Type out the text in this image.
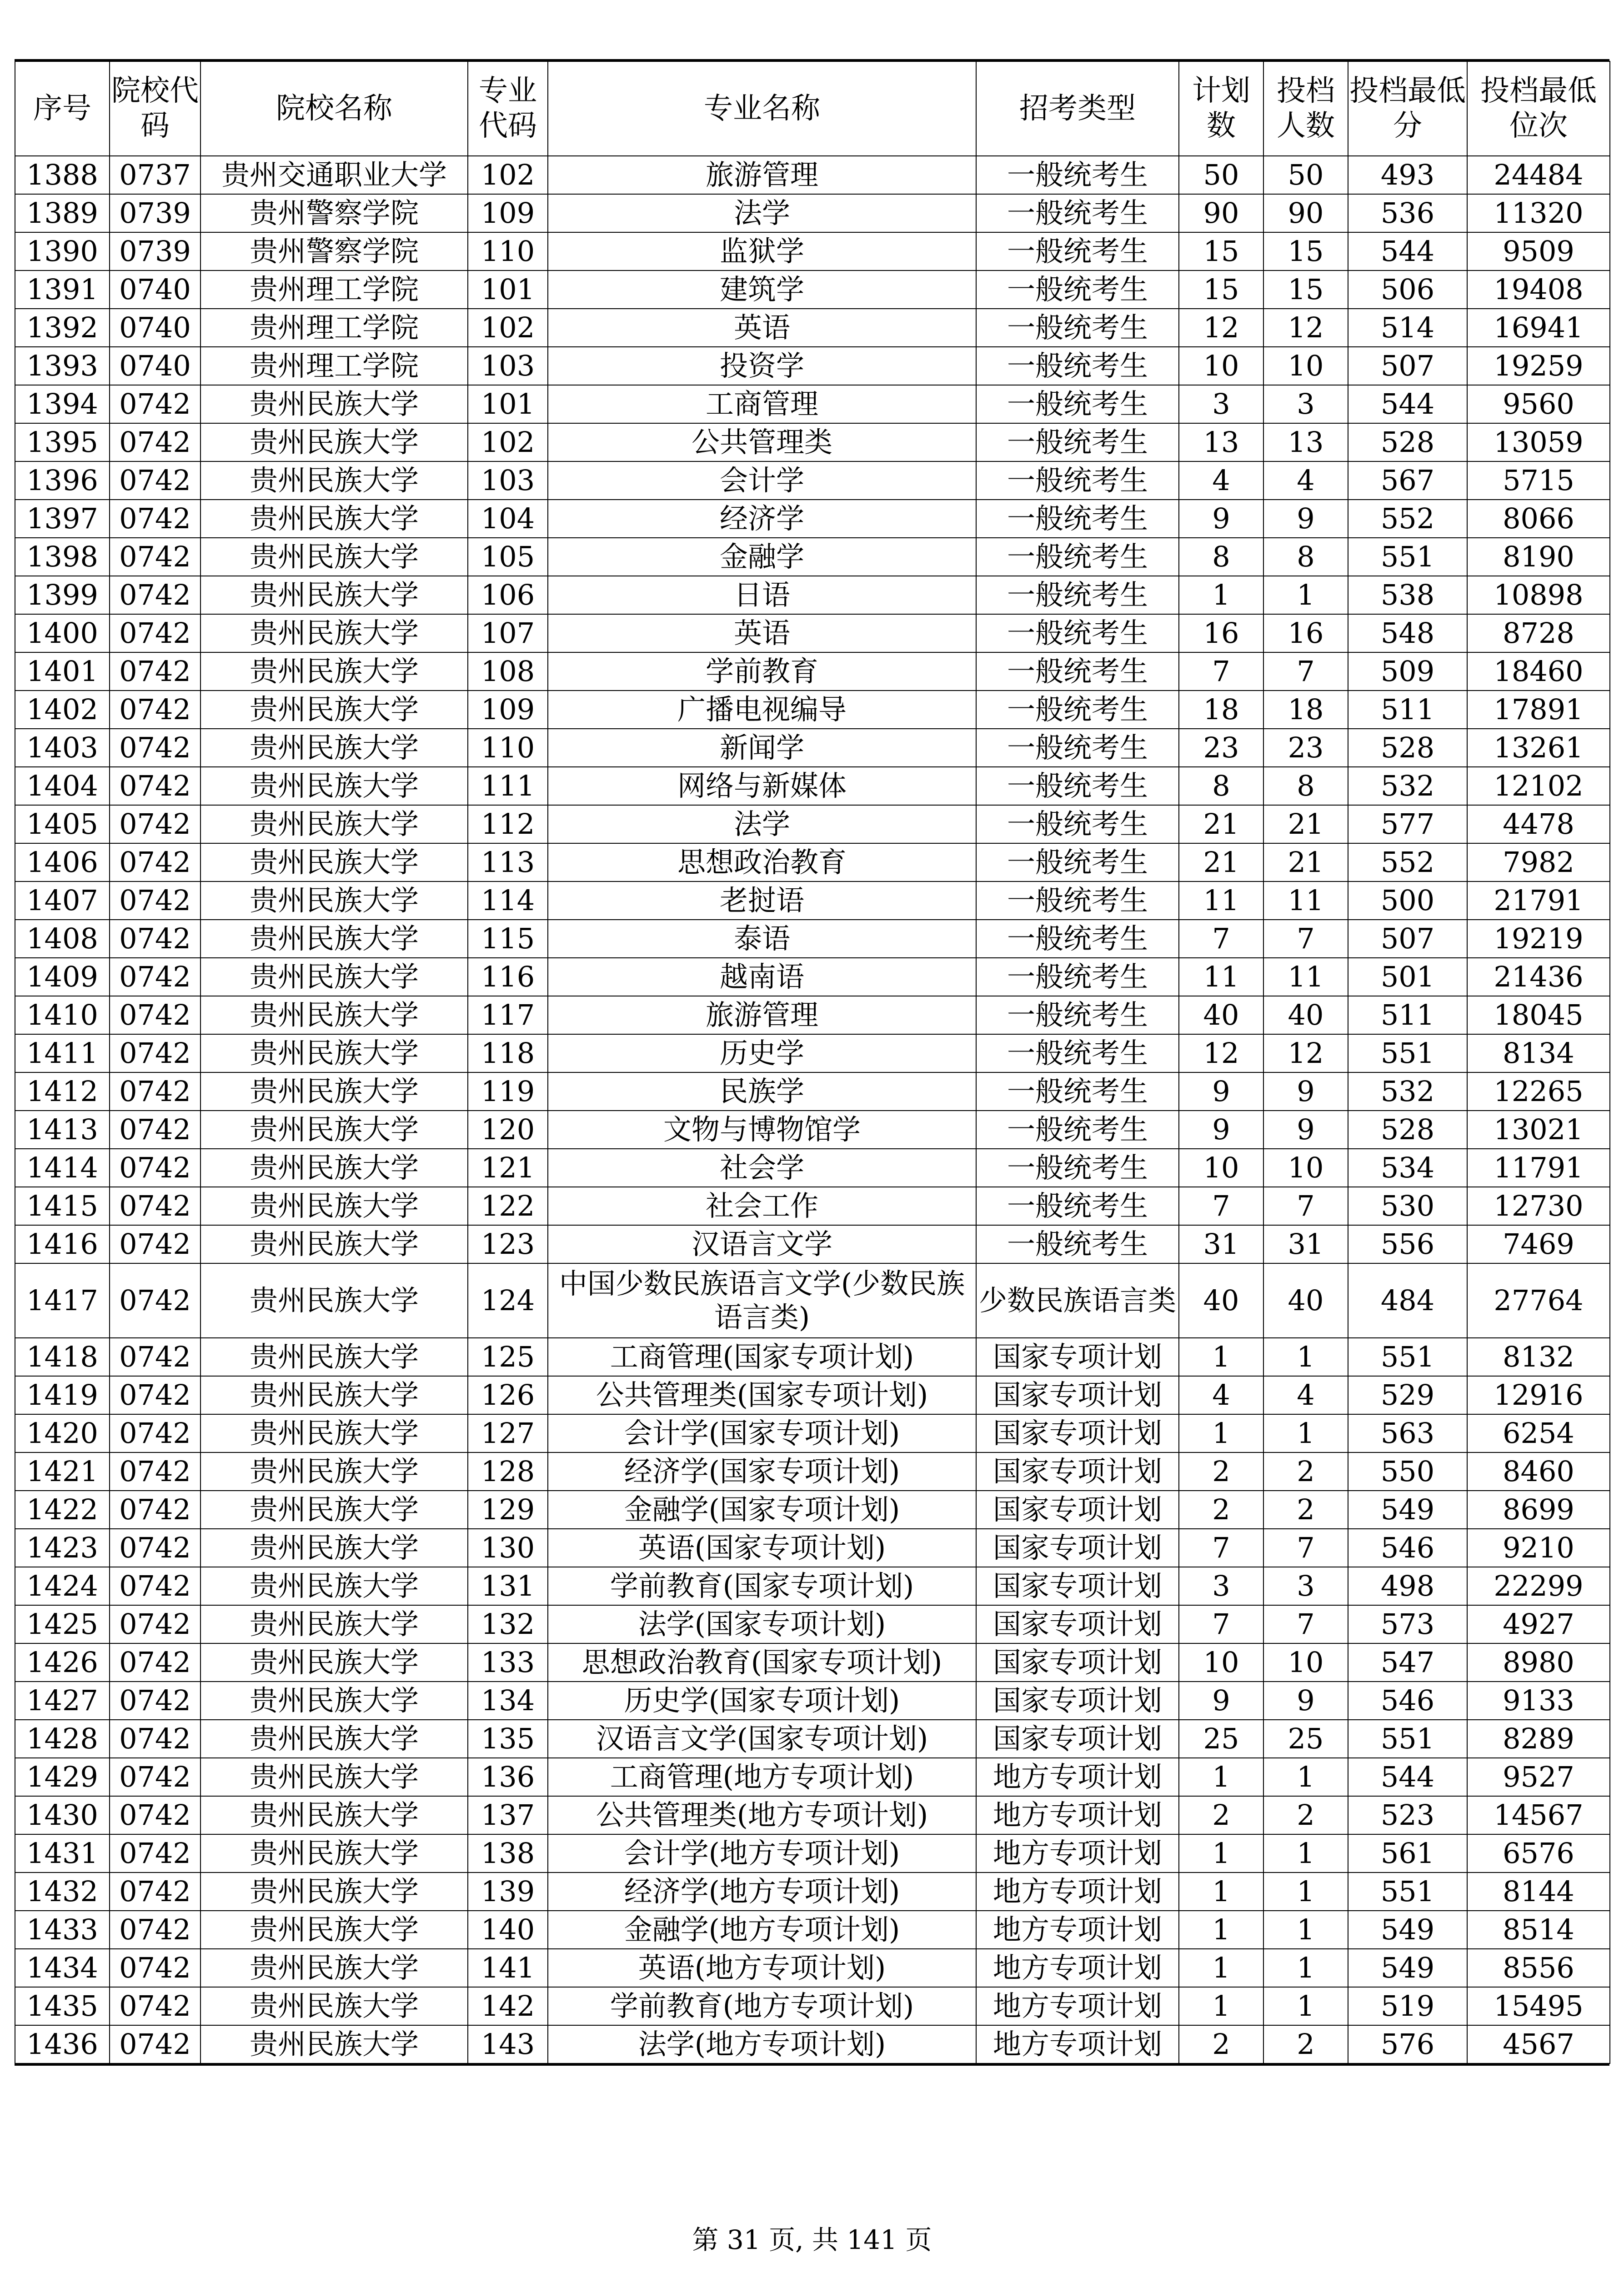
序号	院校代码	院校名称	专业代码	专业名称	招考类型	计划数	投档人数	投档最低分	投档最低位次
1388	0737	贵州交通职业大学	102	旅游管理	一般统考生	50	50	493	24484
1389	0739	贵州警察学院	109	法学	一般统考生	90	90	536	11320
1390	0739	贵州警察学院	110	监狱学	一般统考生	15	15	544	9509
1391	0740	贵州理工学院	101	建筑学	一般统考生	15	15	506	19408
1392	0740	贵州理工学院	102	英语	一般统考生	12	12	514	16941
1393	0740	贵州理工学院	103	投资学	一般统考生	10	10	507	19259
1394	0742	贵州民族大学	101	工商管理	一般统考生	3	3	544	9560
1395	0742	贵州民族大学	102	公共管理类	一般统考生	13	13	528	13059
1396	0742	贵州民族大学	103	会计学	一般统考生	4	4	567	5715
1397	0742	贵州民族大学	104	经济学	一般统考生	9	9	552	8066
1398	0742	贵州民族大学	105	金融学	一般统考生	8	8	551	8190
1399	0742	贵州民族大学	106	日语	一般统考生	1	1	538	10898
1400	0742	贵州民族大学	107	英语	一般统考生	16	16	548	8728
1401	0742	贵州民族大学	108	学前教育	一般统考生	7	7	509	18460
1402	0742	贵州民族大学	109	广播电视编导	一般统考生	18	18	511	17891
1403	0742	贵州民族大学	110	新闻学	一般统考生	23	23	528	13261
1404	0742	贵州民族大学	111	网络与新媒体	一般统考生	8	8	532	12102
1405	0742	贵州民族大学	112	法学	一般统考生	21	21	577	4478
1406	0742	贵州民族大学	113	思想政治教育	一般统考生	21	21	552	7982
1407	0742	贵州民族大学	114	老挝语	一般统考生	11	11	500	21791
1408	0742	贵州民族大学	115	泰语	一般统考生	7	7	507	19219
1409	0742	贵州民族大学	116	越南语	一般统考生	11	11	501	21436
1410	0742	贵州民族大学	117	旅游管理	一般统考生	40	40	511	18045
1411	0742	贵州民族大学	118	历史学	一般统考生	12	12	551	8134
1412	0742	贵州民族大学	119	民族学	一般统考生	9	9	532	12265
1413	0742	贵州民族大学	120	文物与博物馆学	一般统考生	9	9	528	13021
1414	0742	贵州民族大学	121	社会学	一般统考生	10	10	534	11791
1415	0742	贵州民族大学	122	社会工作	一般统考生	7	7	530	12730
1416	0742	贵州民族大学	123	汉语言文学	一般统考生	31	31	556	7469
1417	0742	贵州民族大学	124	中国少数民族语言文学(少数民族语言类)	少数民族语言类	40	40	484	27764
1418	0742	贵州民族大学	125	工商管理(国家专项计划)	国家专项计划	1	1	551	8132
1419	0742	贵州民族大学	126	公共管理类(国家专项计划)	国家专项计划	4	4	529	12916
1420	0742	贵州民族大学	127	会计学(国家专项计划)	国家专项计划	1	1	563	6254
1421	0742	贵州民族大学	128	经济学(国家专项计划)	国家专项计划	2	2	550	8460
1422	0742	贵州民族大学	129	金融学(国家专项计划)	国家专项计划	2	2	549	8699
1423	0742	贵州民族大学	130	英语(国家专项计划)	国家专项计划	7	7	546	9210
1424	0742	贵州民族大学	131	学前教育(国家专项计划)	国家专项计划	3	3	498	22299
1425	0742	贵州民族大学	132	法学(国家专项计划)	国家专项计划	7	7	573	4927
1426	0742	贵州民族大学	133	思想政治教育(国家专项计划)	国家专项计划	10	10	547	8980
1427	0742	贵州民族大学	134	历史学(国家专项计划)	国家专项计划	9	9	546	9133
1428	0742	贵州民族大学	135	汉语言文学(国家专项计划)	国家专项计划	25	25	551	8289
1429	0742	贵州民族大学	136	工商管理(地方专项计划)	地方专项计划	1	1	544	9527
1430	0742	贵州民族大学	137	公共管理类(地方专项计划)	地方专项计划	2	2	523	14567
1431	0742	贵州民族大学	138	会计学(地方专项计划)	地方专项计划	1	1	561	6576
1432	0742	贵州民族大学	139	经济学(地方专项计划)	地方专项计划	1	1	551	8144
1433	0742	贵州民族大学	140	金融学(地方专项计划)	地方专项计划	1	1	549	8514
1434	0742	贵州民族大学	141	英语(地方专项计划)	地方专项计划	1	1	549	8556
1435	0742	贵州民族大学	142	学前教育(地方专项计划)	地方专项计划	1	1	519	15495
1436	0742	贵州民族大学	143	法学(地方专项计划)	地方专项计划	2	2	576	4567
第 31 页, 共 141 页
